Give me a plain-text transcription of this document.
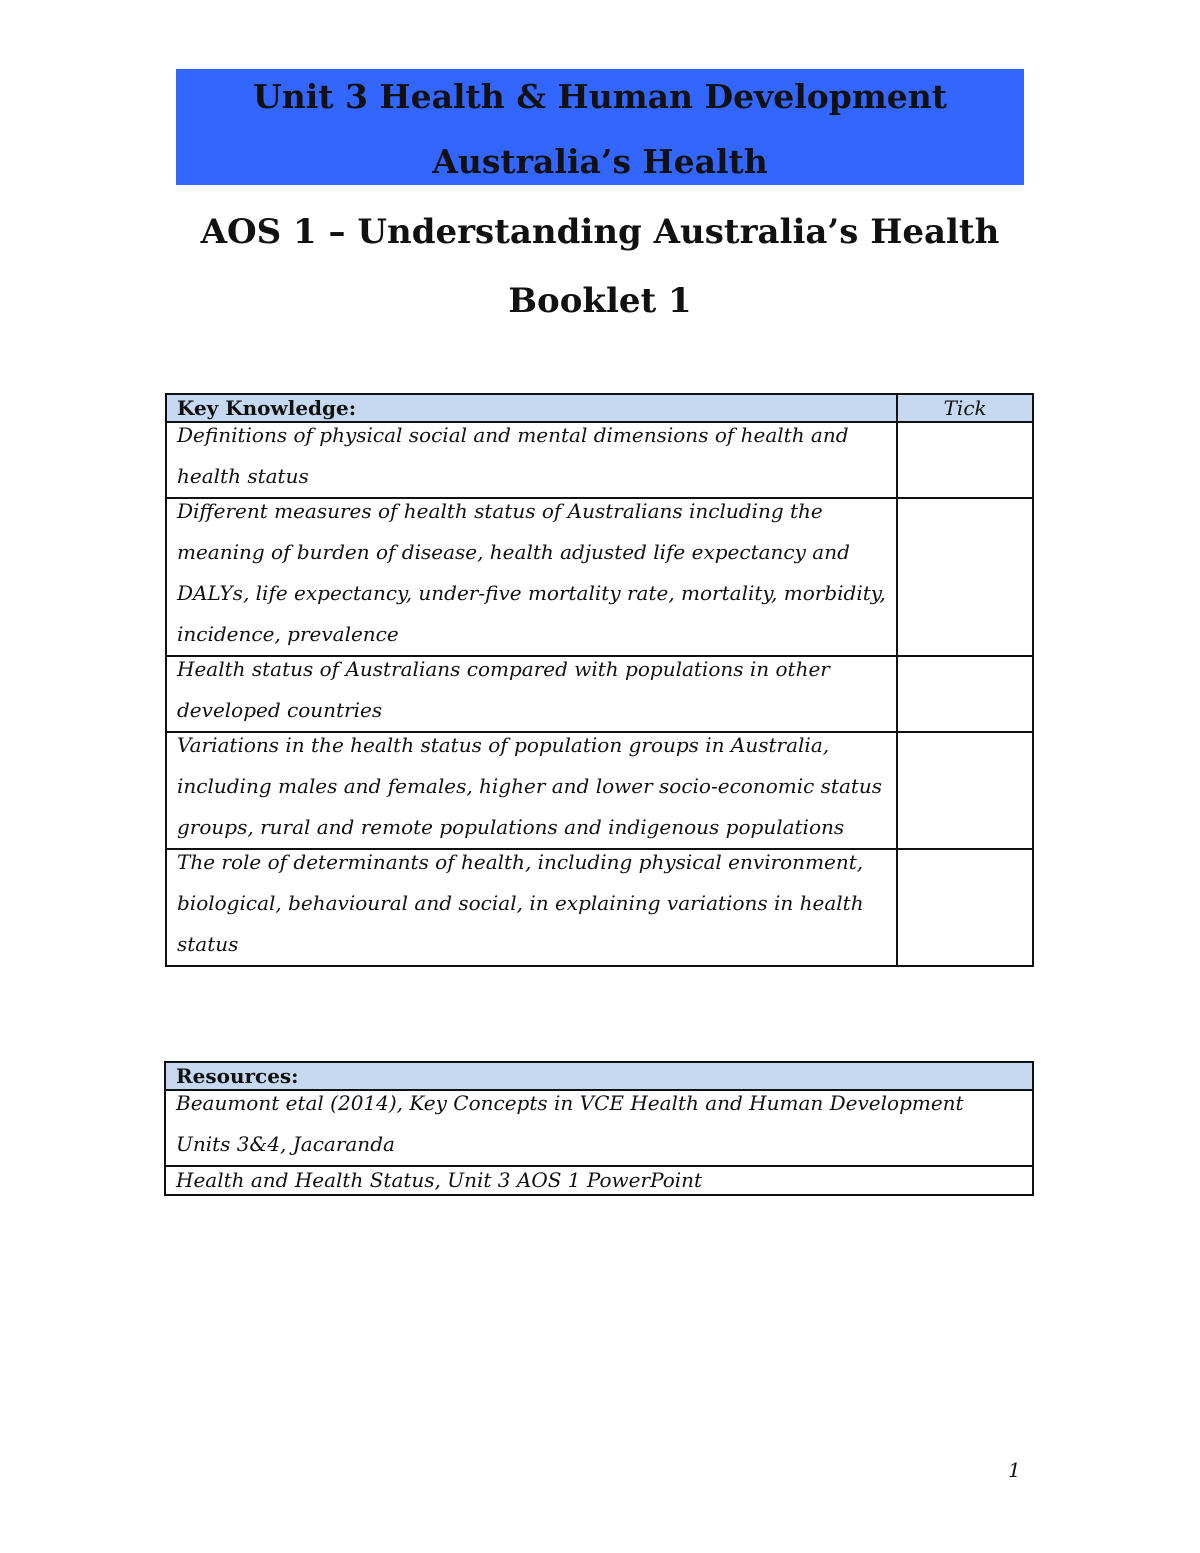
Unit 3 Health & Human Development
Australia’s Health
AOS 1 – Understanding Australia’s Health
Booklet 1
Key Knowledge:	Tick

Definitions of physical social and mental dimensions of health and health status	

Different measures of health status of Australians including the meaning of burden of disease, health adjusted life expectancy and DALYs, life expectancy, under-five mortality rate, mortality, morbidity, incidence, prevalence	

Health status of Australians compared with populations in other developed countries	

Variations in the health status of population groups in Australia, including males and females, higher and lower socio-economic status groups, rural and remote populations and indigenous populations	

The role of determinants of health, including physical environment, biological, behavioural and social, in explaining variations in health status	

Resources:

Beaumont etal (2014), Key Concepts in VCE Health and Human Development Units 3&4, Jacaranda

Health and Health Status, Unit 3 AOS 1 PowerPoint
1
